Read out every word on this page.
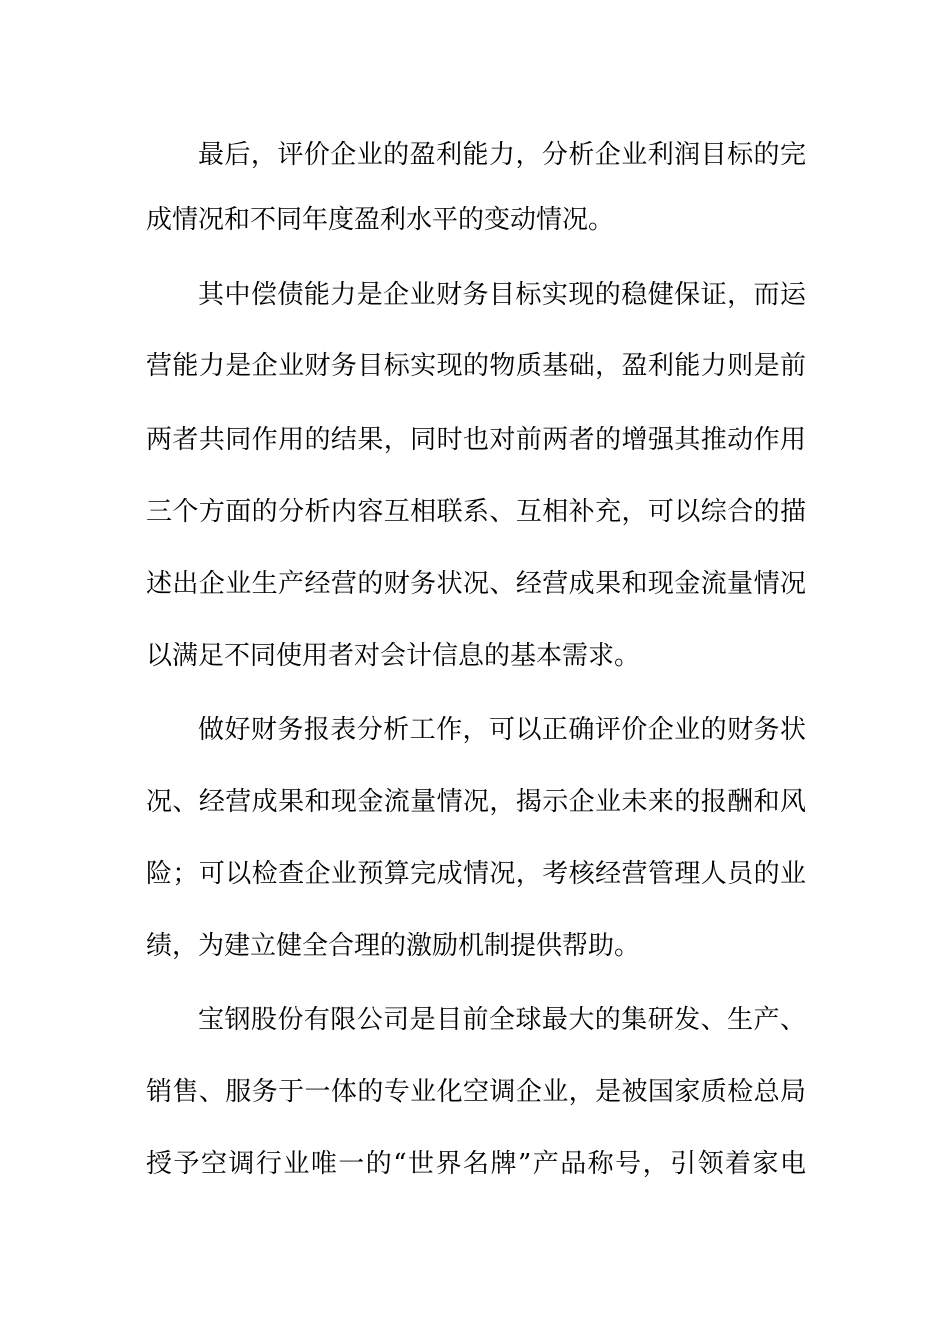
最后，评价企业的盈利能力，分析企业利润目标的完
成情况和不同年度盈利水平的变动情况。
其中偿债能力是企业财务目标实现的稳健保证，而运
营能力是企业财务目标实现的物质基础，盈利能力则是前
两者共同作用的结果，同时也对前两者的增强其推动作用
三个方面的分析内容互相联系、互相补充，可以综合的描
述出企业生产经营的财务状况、经营成果和现金流量情况
以满足不同使用者对会计信息的基本需求。
做好财务报表分析工作，可以正确评价企业的财务状
况、经营成果和现金流量情况，揭示企业未来的报酬和风
险；可以检查企业预算完成情况，考核经营管理人员的业
绩，为建立健全合理的激励机制提供帮助。
宝钢股份有限公司是目前全球最大的集研发、生产、
销售、服务于一体的专业化空调企业，是被国家质检总局
授予空调行业唯一的“世界名牌”产品称号，引领着家电
